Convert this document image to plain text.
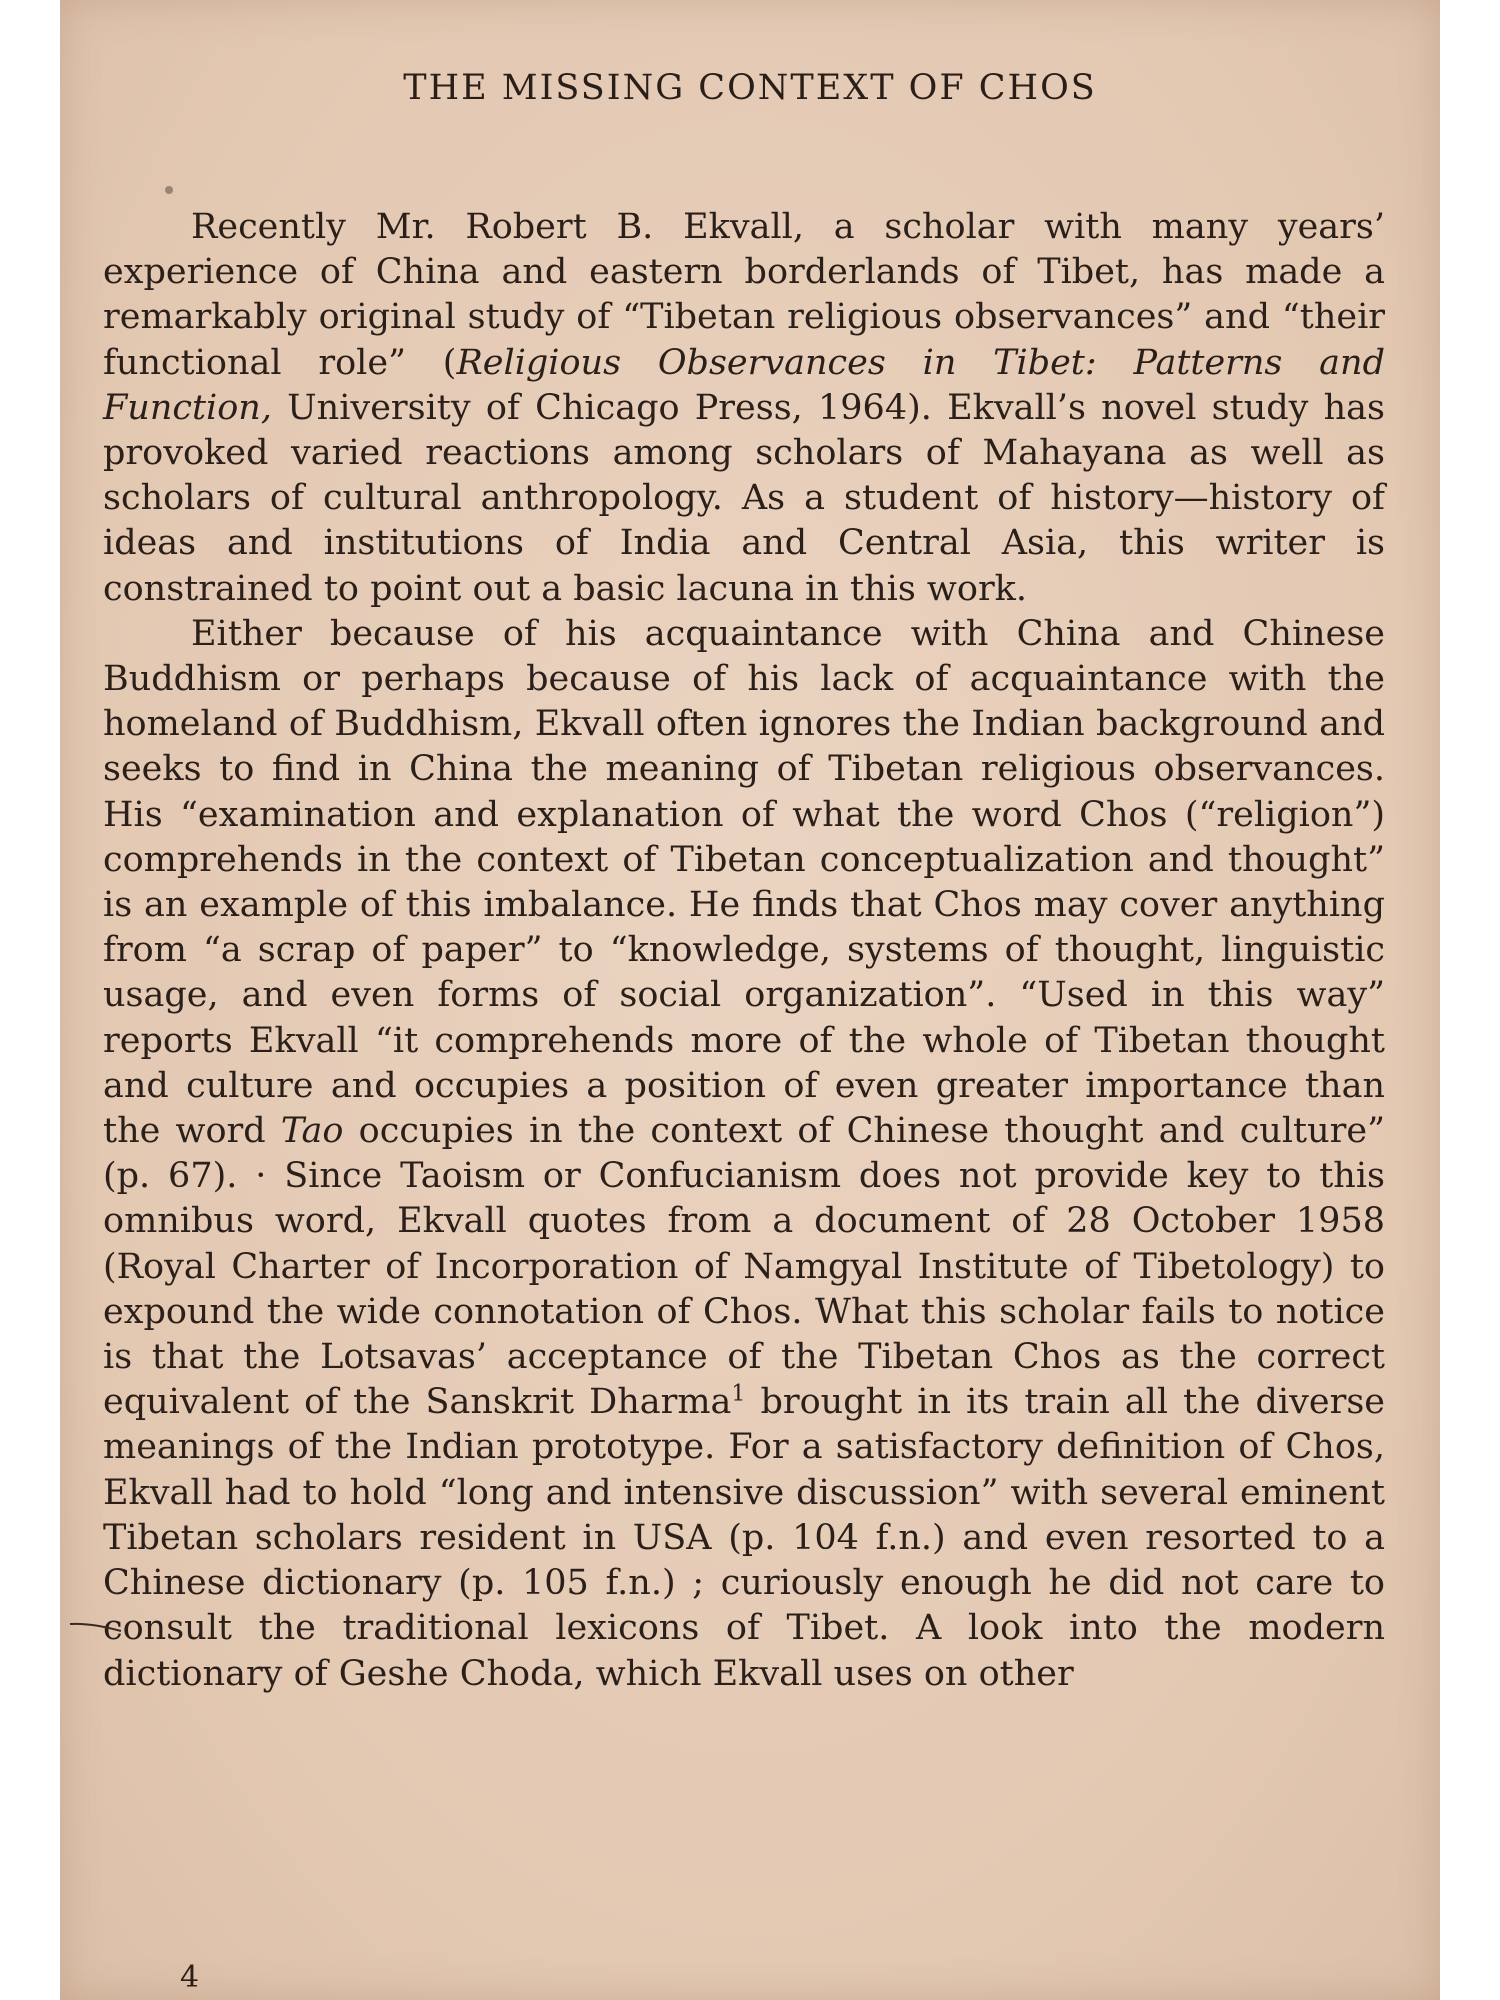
THE MISSING CONTEXT OF CHOS

Recently Mr. Robert B. Ekvall, a scholar with many years’ experience of China and eastern borderlands of Tibet, has made a remarkably original study of “Tibetan religious observances” and “their functional role” (Religious Observances in Tibet: Patterns and Function, University of Chicago Press, 1964). Ekvall’s novel study has provoked varied reactions among scholars of Mahayana as well as scholars of cultural anthropology. As a student of history—history of ideas and institutions of India and Central Asia, this writer is constrained to point out a basic lacuna in this work.

Either because of his acquaintance with China and Chinese Buddhism or perhaps because of his lack of acquaintance with the homeland of Buddhism, Ekvall often ignores the Indian background and seeks to find in China the meaning of Tibetan religious observances. His “examination and explanation of what the word Chos (“religion”) comprehends in the context of Tibetan conceptualization and thought” is an example of this imbalance. He finds that Chos may cover anything from “a scrap of paper” to “knowledge, systems of thought, linguistic usage, and even forms of social organization”. “Used in this way” reports Ekvall “it comprehends more of the whole of Tibetan thought and culture and occupies a position of even greater importance than the word Tao occupies in the context of Chinese thought and culture” (p. 67). · Since Taoism or Confucianism does not provide key to this omnibus word, Ekvall quotes from a document of 28 October 1958 (Royal Charter of Incorporation of Namgyal Institute of Tibetology) to expound the wide connotation of Chos. What this scholar fails to notice is that the Lotsavas’ acceptance of the Tibetan Chos as the correct equivalent of the Sanskrit Dharma$^1$ brought in its train all the diverse meanings of the Indian prototype. For a satisfactory definition of Chos, Ekvall had to hold “long and intensive discussion” with several eminent Tibetan scholars resident in USA (p. 104 f.n.) and even resorted to a Chinese dictionary (p. 105 f.n.) ; curiously enough he did not care to consult the traditional lexicons of Tibet. A look into the modern dictionary of Geshe Choda, which Ekvall uses on other

4
